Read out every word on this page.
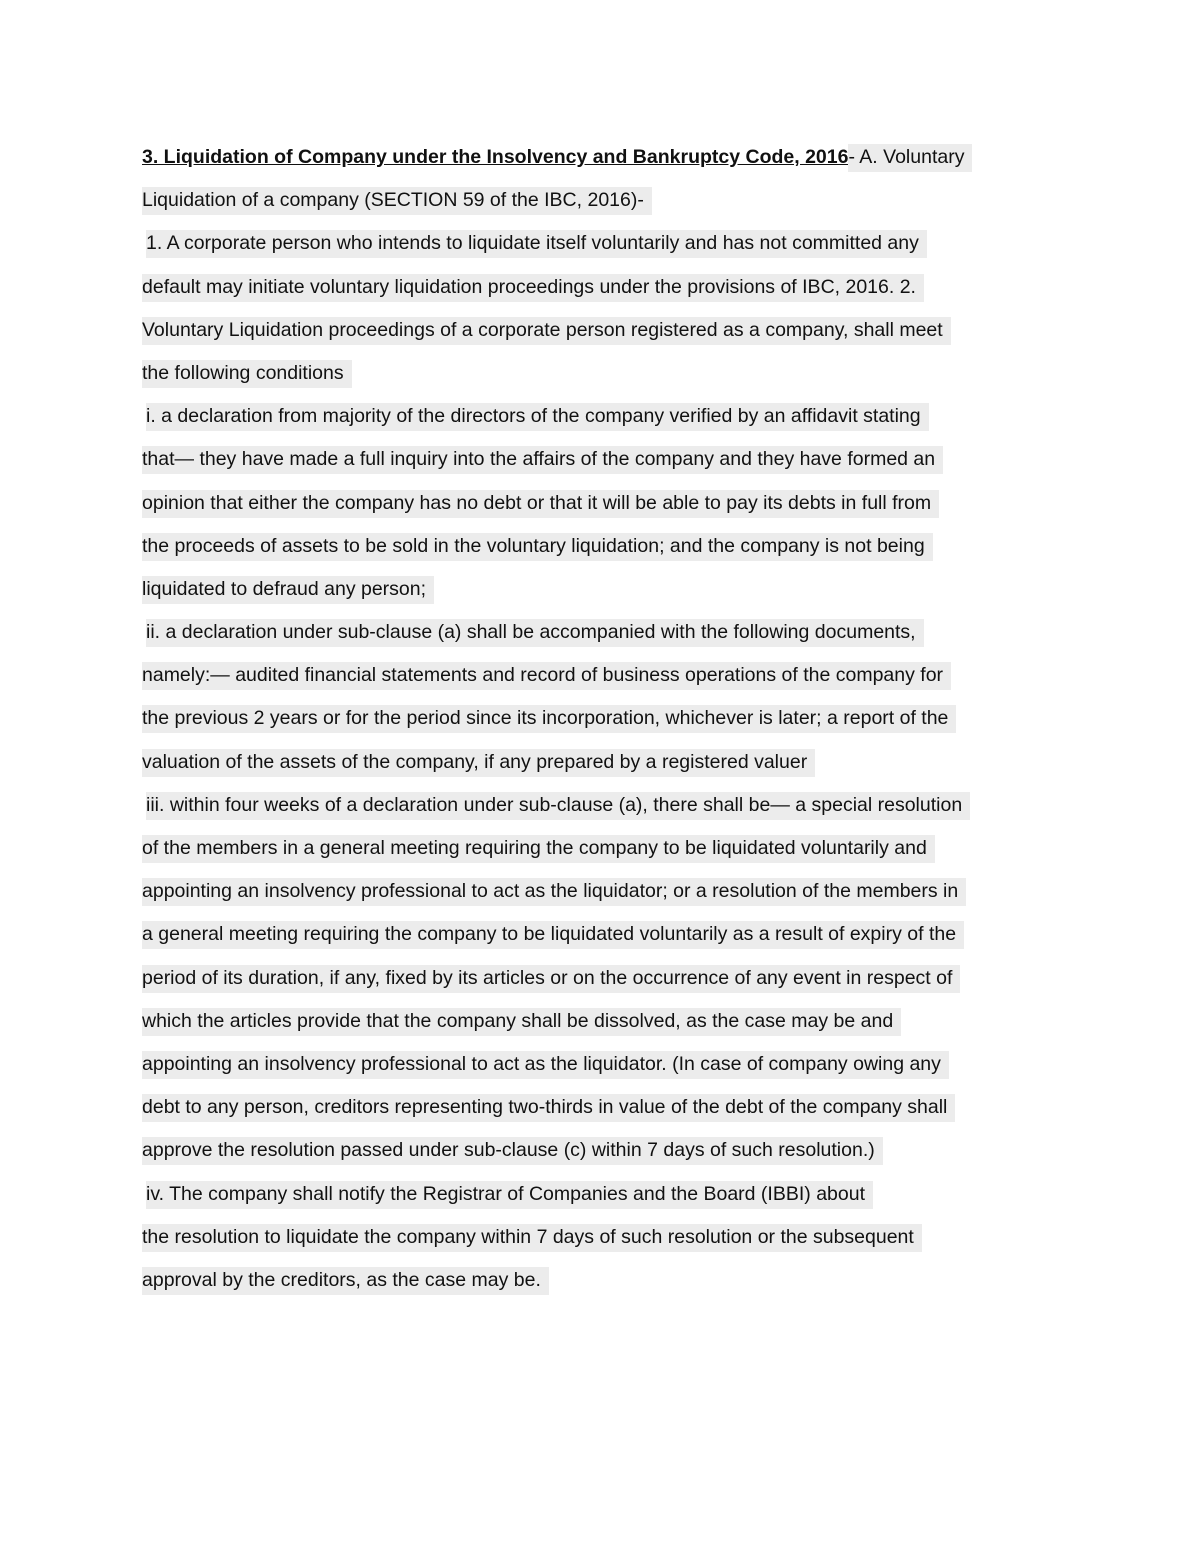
3. Liquidation of Company under the Insolvency and Bankruptcy Code, 2016- A. Voluntary
Liquidation of a company (SECTION 59 of the IBC, 2016)-
1. A corporate person who intends to liquidate itself voluntarily and has not committed any
default may initiate voluntary liquidation proceedings under the provisions of IBC, 2016. 2.
Voluntary Liquidation proceedings of a corporate person registered as a company, shall meet
the following conditions
i. a declaration from majority of the directors of the company verified by an affidavit stating
that— they have made a full inquiry into the affairs of the company and they have formed an
opinion that either the company has no debt or that it will be able to pay its debts in full from
the proceeds of assets to be sold in the voluntary liquidation; and the company is not being
liquidated to defraud any person;
ii. a declaration under sub-clause (a) shall be accompanied with the following documents,
namely:— audited financial statements and record of business operations of the company for
the previous 2 years or for the period since its incorporation, whichever is later; a report of the
valuation of the assets of the company, if any prepared by a registered valuer
iii. within four weeks of a declaration under sub-clause (a), there shall be— a special resolution
of the members in a general meeting requiring the company to be liquidated voluntarily and
appointing an insolvency professional to act as the liquidator; or a resolution of the members in
a general meeting requiring the company to be liquidated voluntarily as a result of expiry of the
period of its duration, if any, fixed by its articles or on the occurrence of any event in respect of
which the articles provide that the company shall be dissolved, as the case may be and
appointing an insolvency professional to act as the liquidator. (In case of company owing any
debt to any person, creditors representing two-thirds in value of the debt of the company shall
approve the resolution passed under sub-clause (c) within 7 days of such resolution.)
iv. The company shall notify the Registrar of Companies and the Board (IBBI) about
the resolution to liquidate the company within 7 days of such resolution or the subsequent
approval by the creditors, as the case may be.
